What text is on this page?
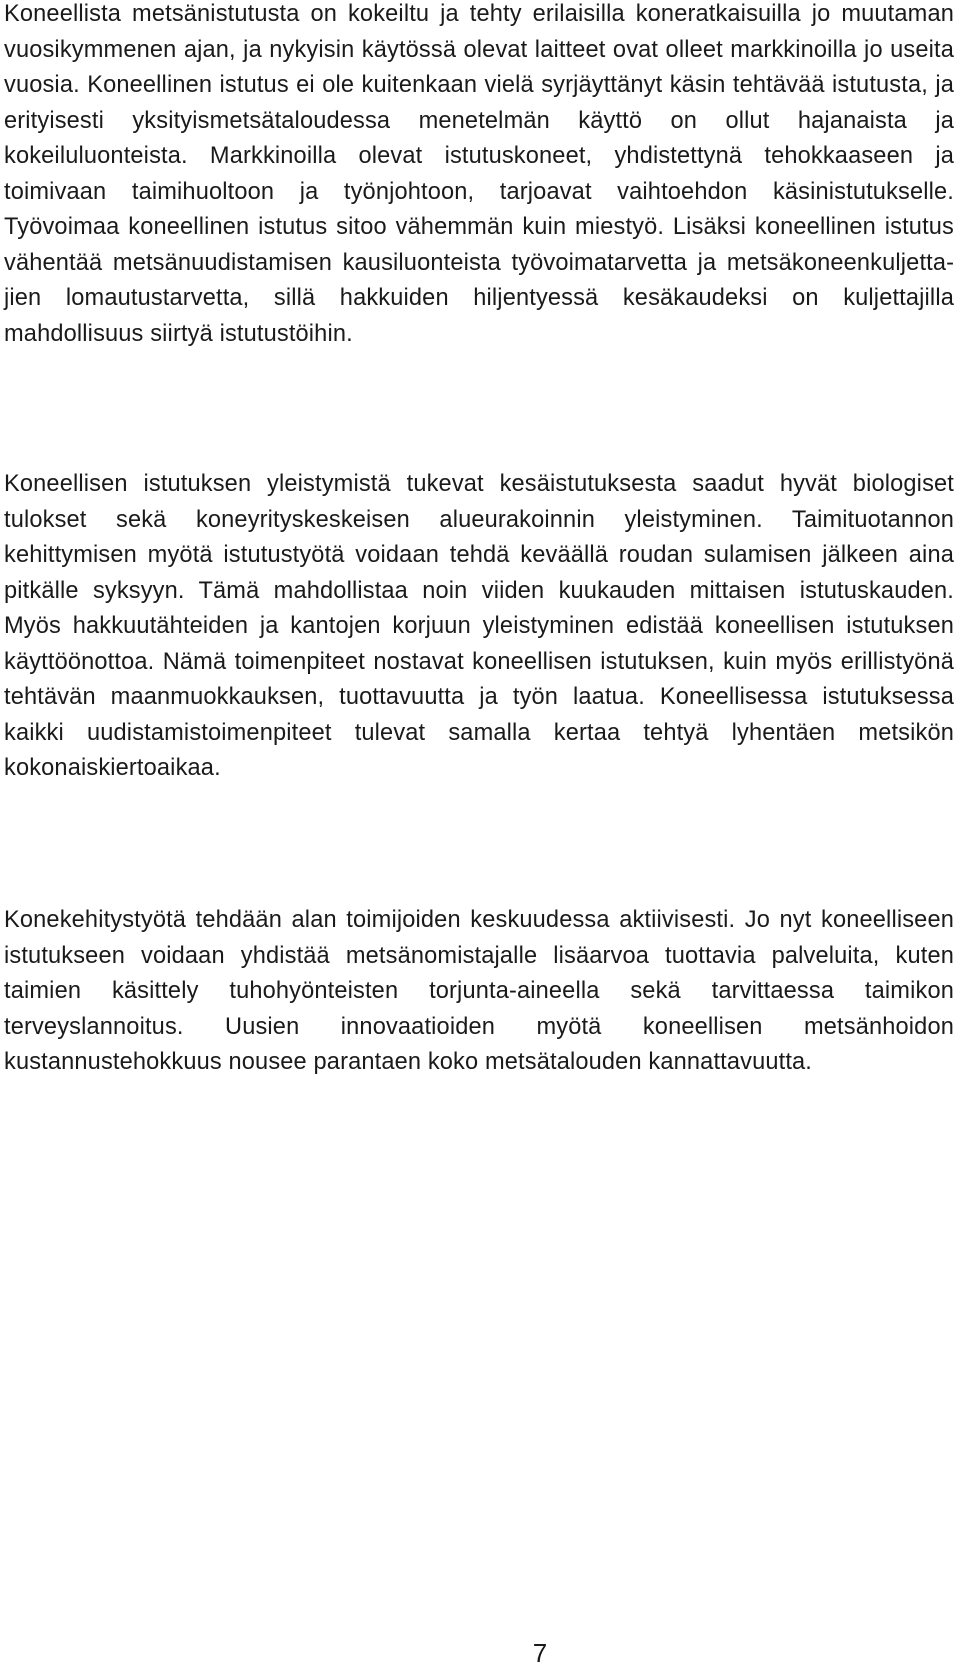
Koneellista metsänistutusta on kokeiltu ja tehty erilaisilla koneratkaisuilla jo muutaman vuosikymmenen ajan, ja nykyisin käytössä olevat laitteet ovat olleet markkinoilla jo useita vuosia. Koneellinen istutus ei ole kuitenkaan vielä syrjäyttänyt käsin tehtävää istutusta, ja erityisesti yksityismetsätaloudessa menetelmän käyttö on ollut hajanaista ja kokeiluluonteista. Markkinoilla olevat istutuskoneet, yhdistettynä tehokkaaseen ja toimivaan taimihuoltoon ja työnjohtoon, tarjoavat vaihtoehdon käsinistutukselle. Työvoimaa koneellinen istutus sitoo vähemmän kuin miestyö. Lisäksi koneellinen istutus vähentää metsänuudistamisen kausiluonteista työvoimatarvetta ja metsäkoneenkuljettajien lomautustarvetta, sillä hakkuiden hiljentyessä kesäkaudeksi on kuljettajilla mahdollisuus siirtyä istutustöihin.

Koneellisen istutuksen yleistymistä tukevat kesäistutuksesta saadut hyvät biologiset tulokset sekä koneyrityskeskeisen alueurakoinnin yleistyminen. Taimituotannon kehittymisen myötä istutustyötä voidaan tehdä keväällä roudan sulamisen jälkeen aina pitkälle syksyyn. Tämä mahdollistaa noin viiden kuukauden mittaisen istutuskauden. Myös hakkuutähteiden ja kantojen korjuun yleistyminen edistää koneellisen istutuksen käyttöönottoa. Nämä toimenpiteet nostavat koneellisen istutuksen, kuin myös erillistyönä tehtävän maanmuokkauksen, tuottavuutta ja työn laatua. Koneellisessa istutuksessa kaikki uudistamistoimenpiteet tulevat samalla kertaa tehtyä lyhentäen metsikön kokonaiskiertoaikaa.

Konekehitystyötä tehdään alan toimijoiden keskuudessa aktiivisesti. Jo nyt koneelliseen istutukseen voidaan yhdistää metsänomistajalle lisäarvoa tuottavia palveluita, kuten taimien käsittely tuhohyönteisten torjunta-aineella sekä tarvittaessa taimikon terveyslannoitus. Uusien innovaatioiden myötä koneellisen metsänhoidon kustannustehokkuus nousee parantaen koko metsätalouden kannattavuutta.

7
